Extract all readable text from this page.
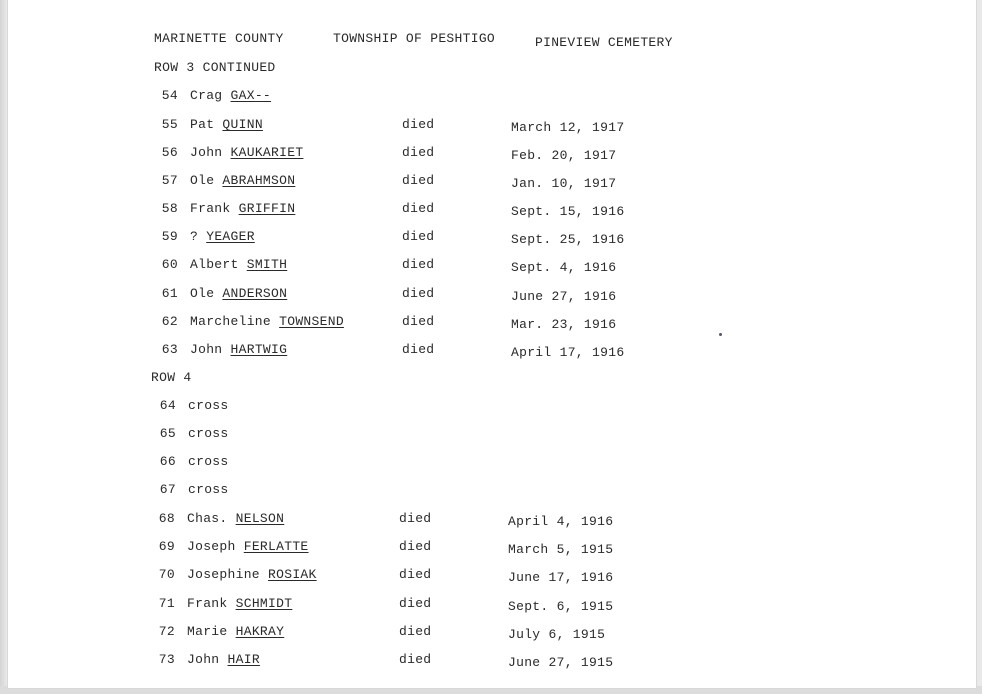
MARINETTE COUNTY	TOWNSHIP OF PESHTIGO	PINEVIEW CEMETERY
ROW 3 CONTINUED
54 Crag GAX--
55 Pat QUINN	died	March 12, 1917
56 John KAUKARIET	died	Feb. 20, 1917
57 Ole ABRAHMSON	died	Jan. 10, 1917
58 Frank GRIFFIN	died	Sept. 15, 1916
59 ? YEAGER	died	Sept. 25, 1916
60 Albert SMITH	died	Sept. 4, 1916
61 Ole ANDERSON	died	June 27, 1916
62 Marcheline TOWNSEND	died	Mar. 23, 1916
63 John HARTWIG	died	April 17, 1916
ROW 4
64 cross
65 cross
66 cross
67 cross
68 Chas. NELSON	died	April 4, 1916
69 Joseph FERLATTE	died	March 5, 1915
70 Josephine ROSIAK	died	June 17, 1916
71 Frank SCHMIDT	died	Sept. 6, 1915
72 Marie HAKRAY	died	July 6, 1915
73 John HAIR	died	June 27, 1915
